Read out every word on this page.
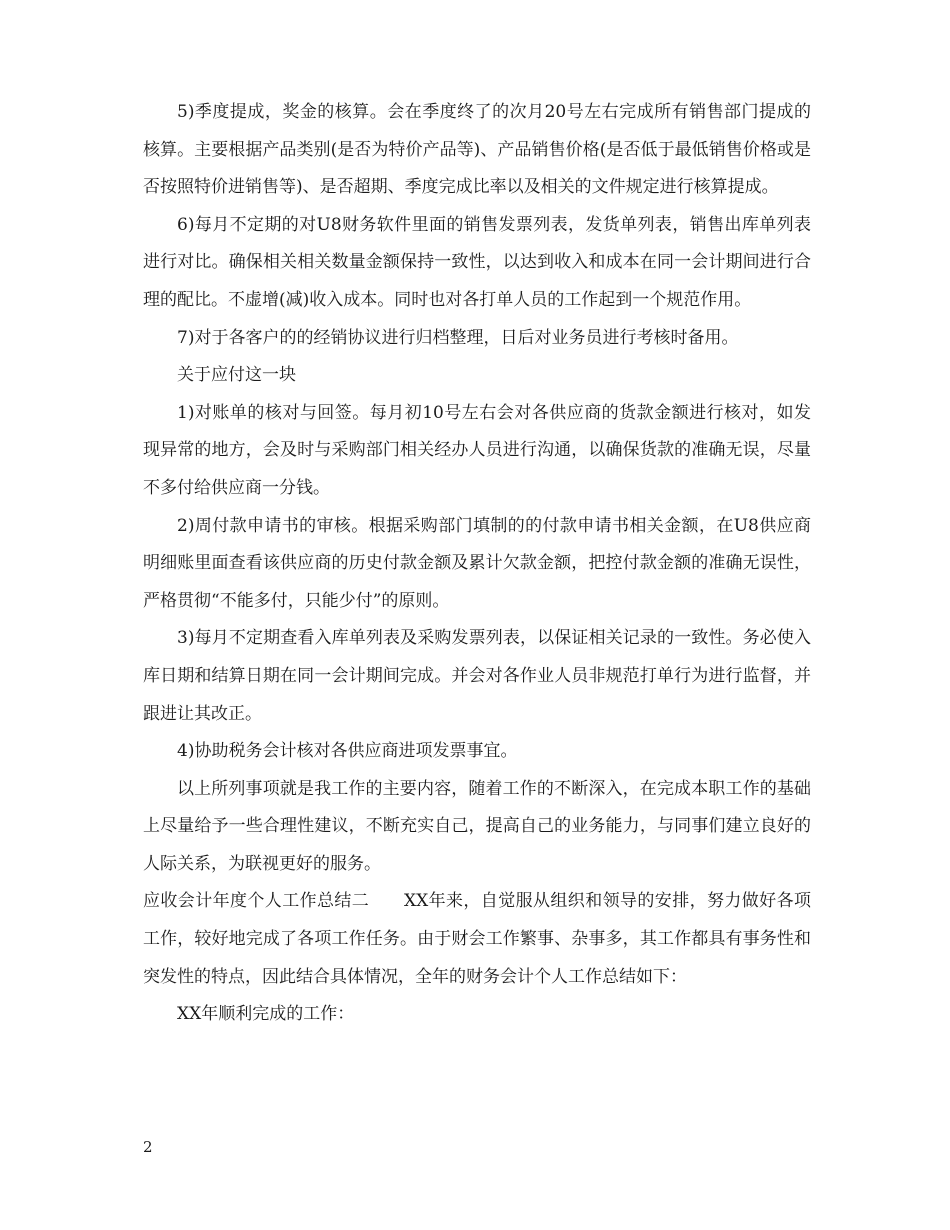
5)季度提成，奖金的核算。会在季度终了的次月20号左右完成所有销售部门提成的核算。主要根据产品类别(是否为特价产品等)、产品销售价格(是否低于最低销售价格或是否按照特价进销售等)、是否超期、季度完成比率以及相关的文件规定进行核算提成。

6)每月不定期的对U8财务软件里面的销售发票列表，发货单列表，销售出库单列表进行对比。确保相关相关数量金额保持一致性，以达到收入和成本在同一会计期间进行合理的配比。不虚增(减)收入成本。同时也对各打单人员的工作起到一个规范作用。

7)对于各客户的的经销协议进行归档整理，日后对业务员进行考核时备用。

关于应付这一块

1)对账单的核对与回签。每月初10号左右会对各供应商的货款金额进行核对，如发现异常的地方，会及时与采购部门相关经办人员进行沟通，以确保货款的准确无误，尽量不多付给供应商一分钱。

2)周付款申请书的审核。根据采购部门填制的的付款申请书相关金额，在U8供应商明细账里面查看该供应商的历史付款金额及累计欠款金额，把控付款金额的准确无误性，严格贯彻“不能多付，只能少付”的原则。

3)每月不定期查看入库单列表及采购发票列表，以保证相关记录的一致性。务必使入库日期和结算日期在同一会计期间完成。并会对各作业人员非规范打单行为进行监督，并跟进让其改正。

4)协助税务会计核对各供应商进项发票事宜。

以上所列事项就是我工作的主要内容，随着工作的不断深入，在完成本职工作的基础上尽量给予一些合理性建议，不断充实自己，提高自己的业务能力，与同事们建立良好的人际关系，为联视更好的服务。

应收会计年度个人工作总结二　　XX年来，自觉服从组织和领导的安排，努力做好各项工作，较好地完成了各项工作任务。由于财会工作繁事、杂事多，其工作都具有事务性和突发性的特点，因此结合具体情况，全年的财务会计个人工作总结如下：

XX年顺利完成的工作：

2
